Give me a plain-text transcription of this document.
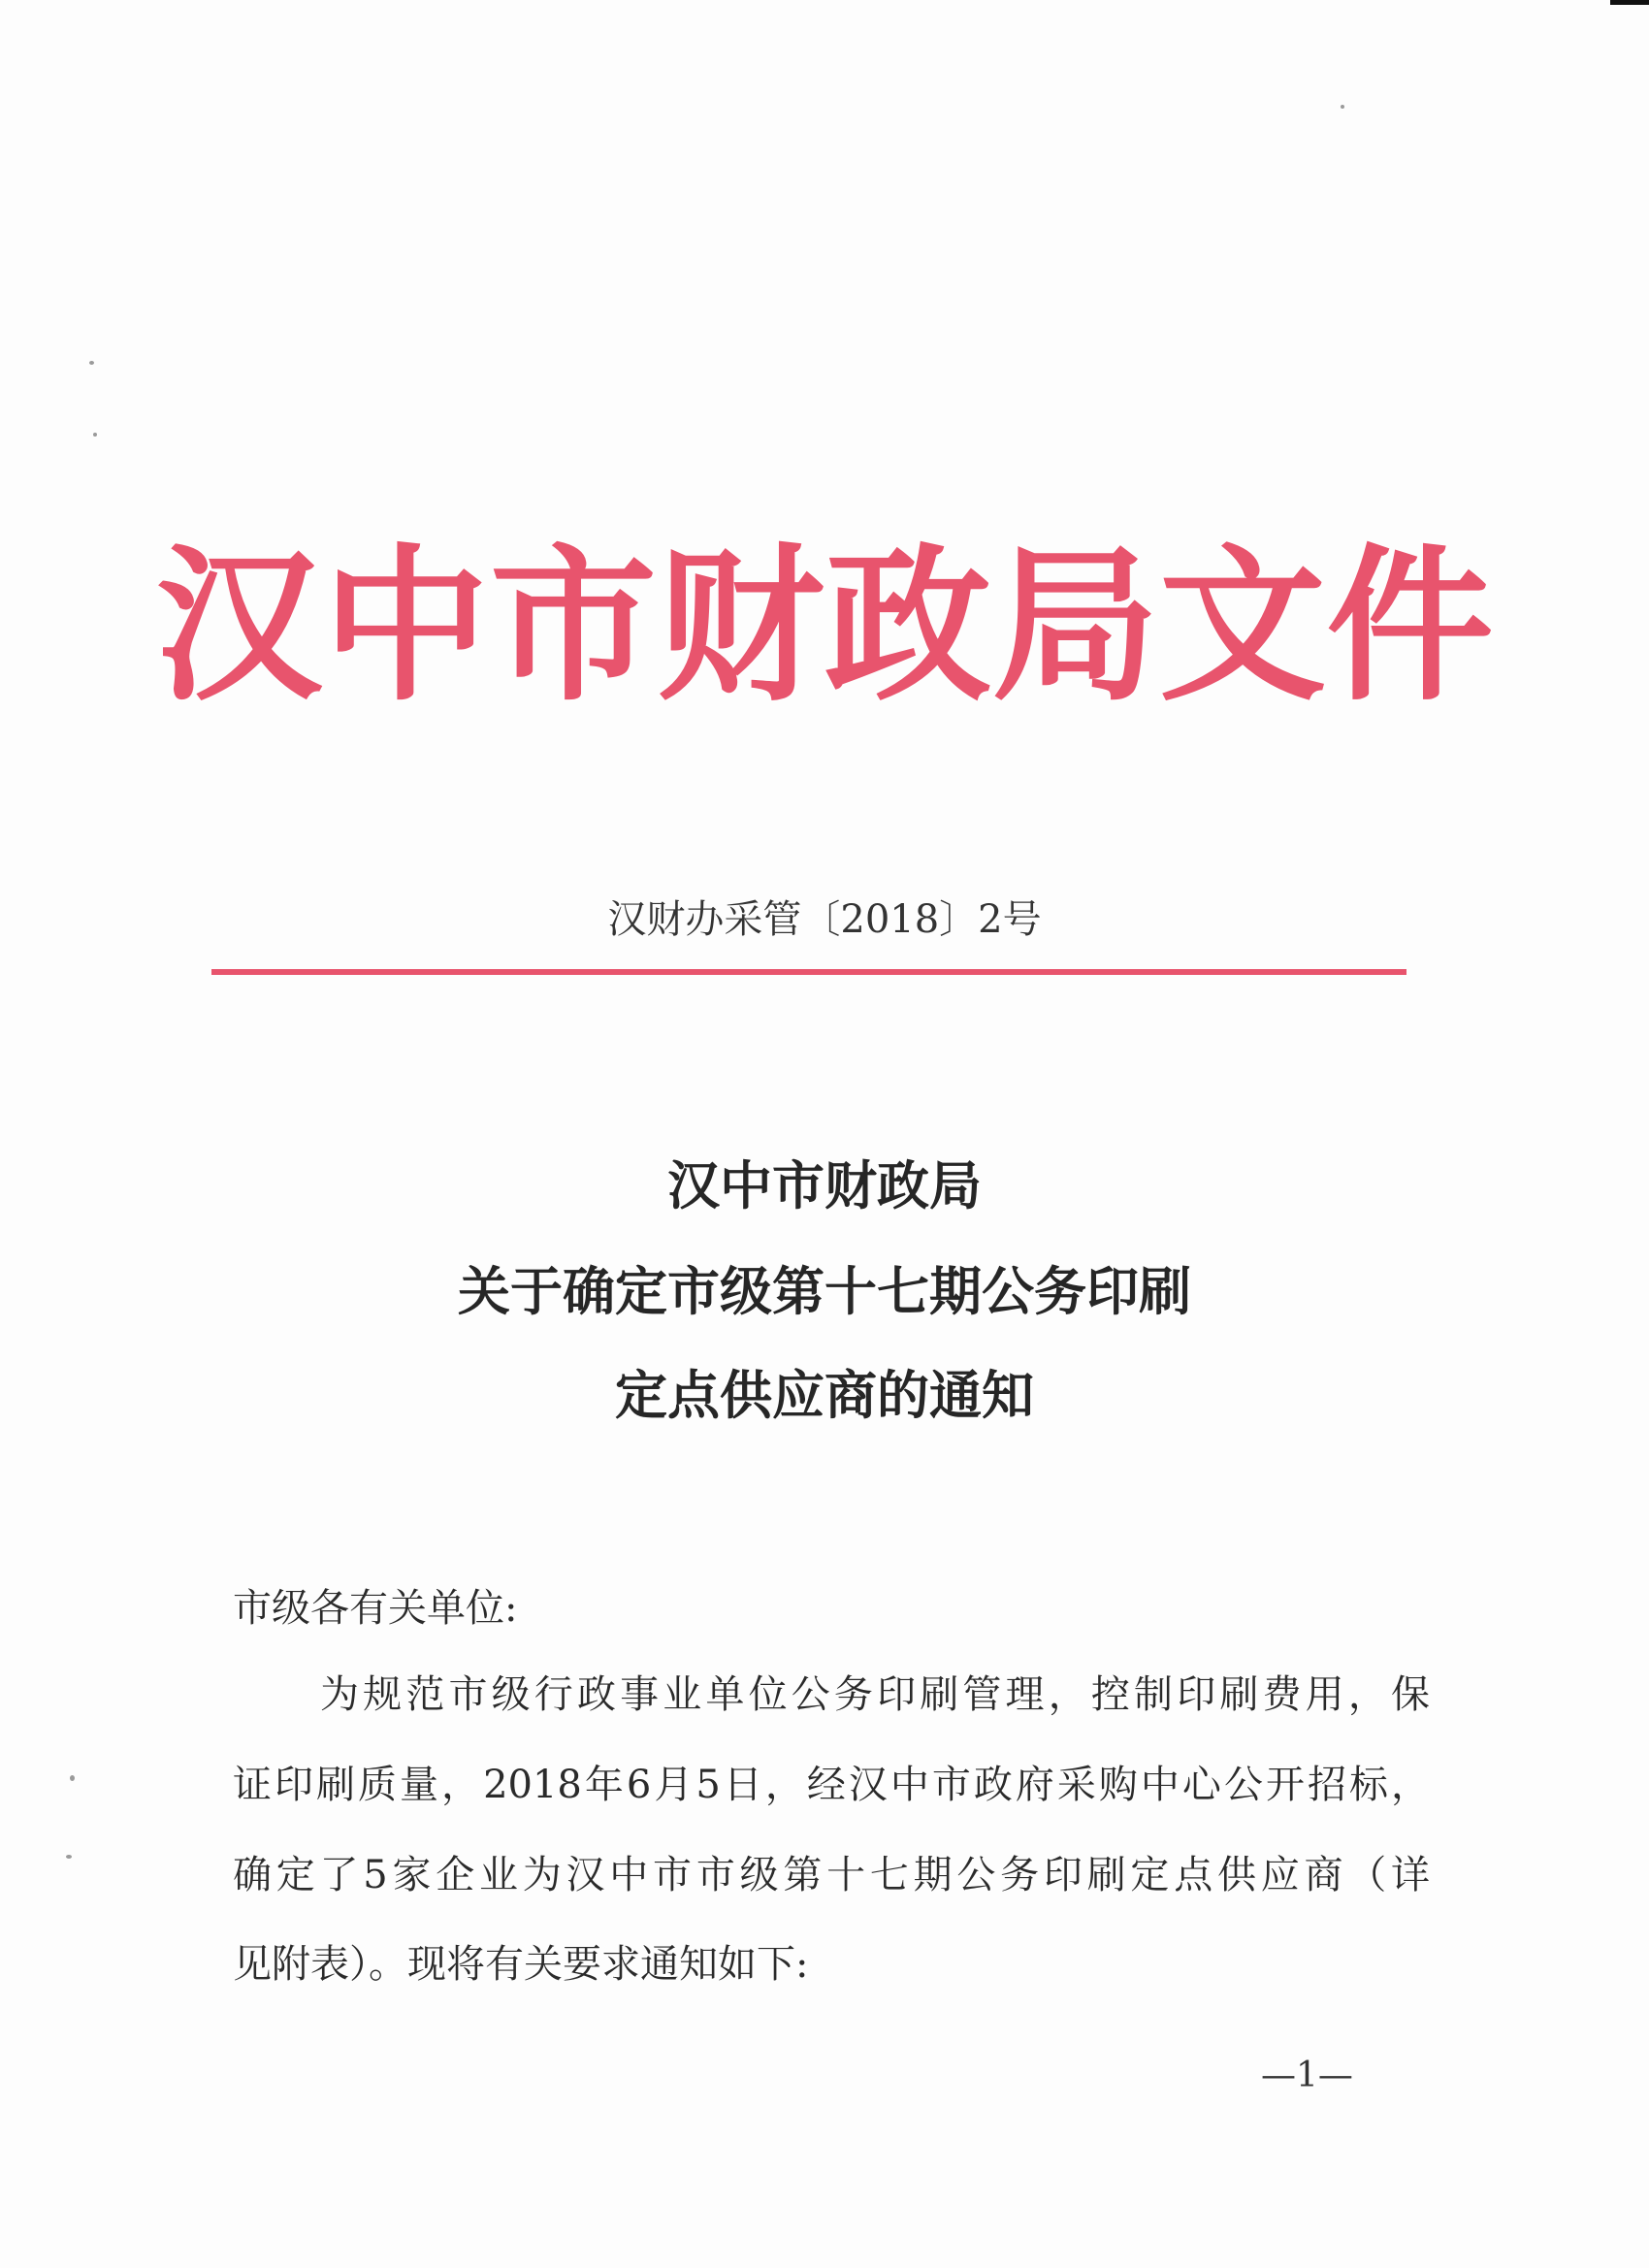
汉中市财政局文件
汉财办采管〔2018〕2号
汉中市财政局
关于确定市级第十七期公务印刷
定点供应商的通知
市级各有关单位:
为规范市级行政事业单位公务印刷管理，控制印刷费用，保
证印刷质量，2018年6月5日，经汉中市政府采购中心公开招标，
确定了5家企业为汉中市市级第十七期公务印刷定点供应商（详
见附表）。现将有关要求通知如下:
—1—
